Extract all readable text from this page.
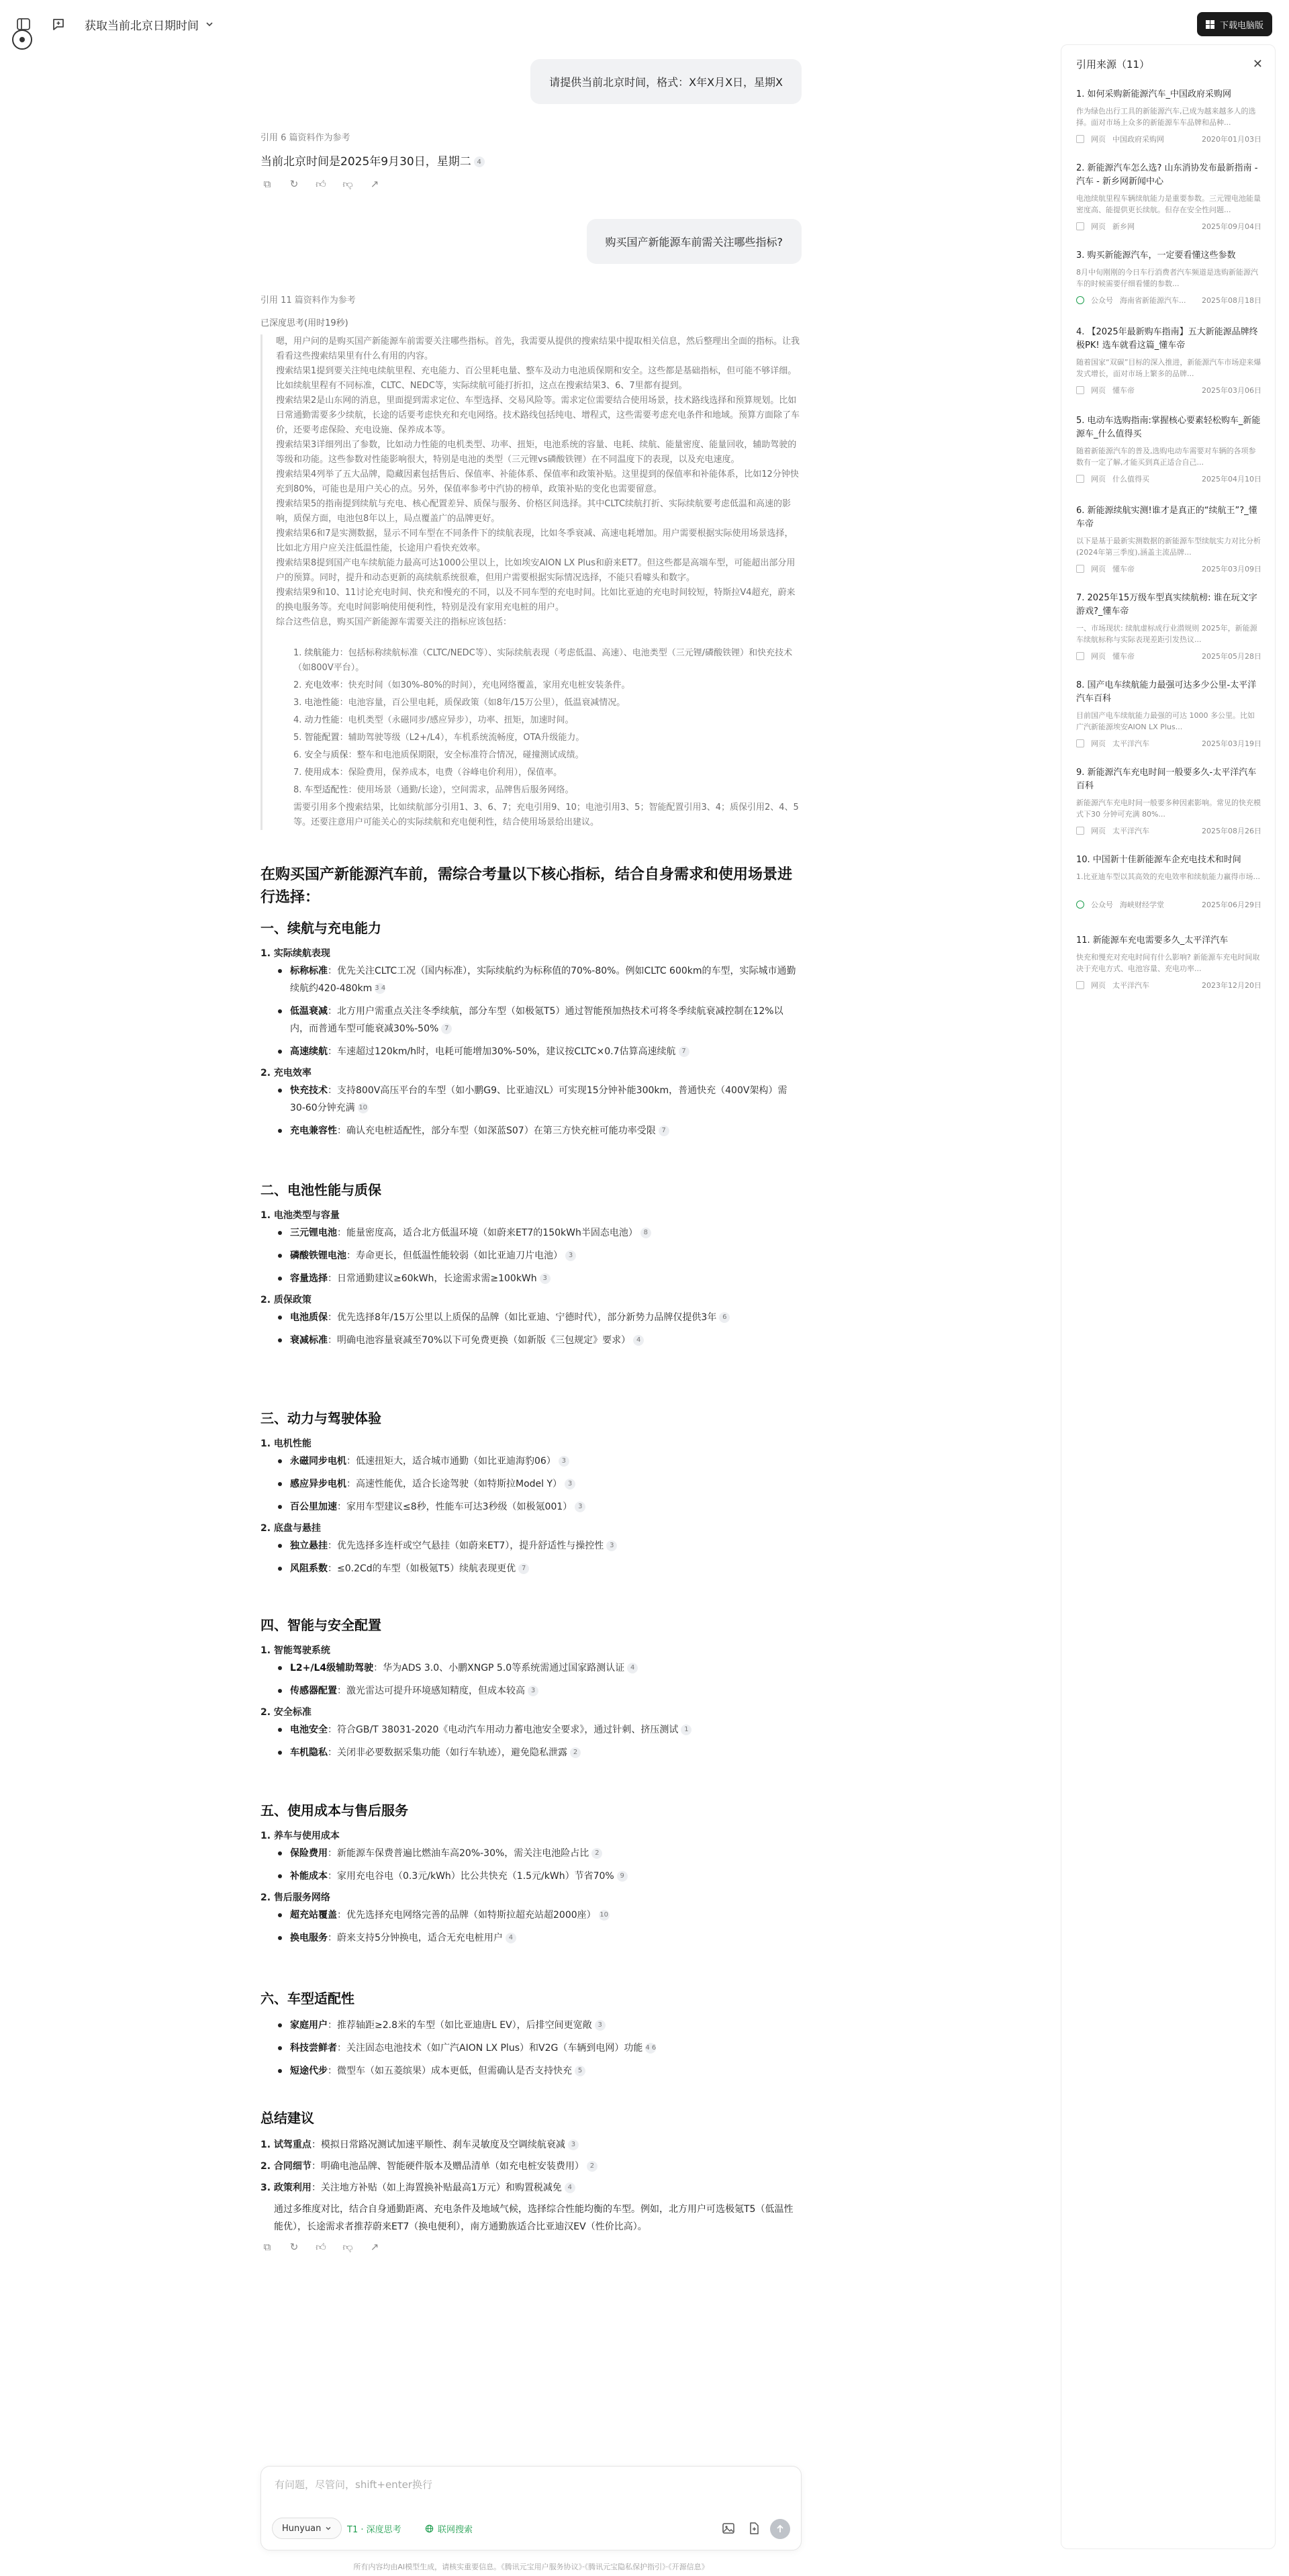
获取当前北京日期时间	下载电脑版
请提供当前北京时间，格式：X年X月X日，星期X
引用 6 篇资料作为参考
当前北京时间是2025年9月30日，星期二 4
⧉	↻ 👍︎ 👎︎ ↗
购买国产新能源车前需关注哪些指标?
引用 11 篇资料作为参考
已深度思考(用时19秒)

嗯，用户问的是购买国产新能源车前需要关注哪些指标。首先，我需要从提供的搜索结果中提取相关信息，然后整理出全面的指标。让我看看这些搜索结果里有什么有用的内容。

搜索结果1提到要关注纯电续航里程、充电能力、百公里耗电量、整车及动力电池质保期和安全。这些都是基础指标，但可能不够详细。比如续航里程有不同标准，CLTC、NEDC等，实际续航可能打折扣，这点在搜索结果3、6、7里都有提到。

搜索结果2是山东网的消息，里面提到需求定位、车型选择、交易风险等。需求定位需要结合使用场景，技术路线选择和预算规划。比如日常通勤需要多少续航，长途的话要考虑快充和充电网络。技术路线包括纯电、增程式，这些需要考虑充电条件和地域。预算方面除了车价，还要考虑保险、充电设施、保养成本等。

搜索结果3详细列出了参数，比如动力性能的电机类型、功率、扭矩，电池系统的容量、电耗、续航、能量密度、能量回收，辅助驾驶的等级和功能。这些参数对性能影响很大，特别是电池的类型（三元锂vs磷酸铁锂）在不同温度下的表现，以及充电速度。

搜索结果4列举了五大品牌，隐藏因素包括售后、保值率、补能体系、保值率和政策补贴。这里提到的保值率和补能体系，比如12分钟快充到80%，可能也是用户关心的点。另外，保值率参考中汽协的榜单，政策补贴的变化也需要留意。

搜索结果5的指南提到续航与充电、核心配置差异、质保与服务、价格区间选择。其中CLTC续航打折、实际续航要考虑低温和高速的影响，质保方面，电池包8年以上，局点覆盖广的品牌更好。

搜索结果6和7是实测数据，显示不同车型在不同条件下的续航表现，比如冬季衰减、高速电耗增加。用户需要根据实际使用场景选择，比如北方用户应关注低温性能，长途用户看快充效率。

搜索结果8提到国产电车续航能力最高可达1000公里以上，比如埃安AION LX Plus和蔚来ET7。但这些都是高端车型，可能超出部分用户的预算。同时，提升和动态更新的高续航系统很难，但用户需要根据实际情况选择，不能只看噱头和数字。

搜索结果9和10、11讨论充电时间、快充和慢充的不同，以及不同车型的充电时间。比如比亚迪的充电时间较短，特斯拉V4超充，蔚来的换电服务等。充电时间影响使用便利性，特别是没有家用充电桩的用户。

综合这些信息，购买国产新能源车需要关注的指标应该包括：

1. 续航能力：包括标称续航标准（CLTC/NEDC等）、实际续航表现（考虑低温、高速）、电池类型（三元锂/磷酸铁锂）和快充技术（如800V平台）。
2. 充电效率：快充时间（如30%-80%的时间），充电网络覆盖，家用充电桩安装条件。
3. 电池性能：电池容量，百公里电耗，质保政策（如8年/15万公里），低温衰减情况。
4. 动力性能：电机类型（永磁同步/感应异步），功率、扭矩，加速时间。
5. 智能配置：辅助驾驶等级（L2+/L4），车机系统流畅度，OTA升级能力。
6. 安全与质保：整车和电池质保期限，安全标准符合情况，碰撞测试成绩。
7. 使用成本：保险费用，保养成本，电费（谷峰电价利用），保值率。
8. 车型适配性：使用场景（通勤/长途），空间需求，品牌售后服务网络。

需要引用多个搜索结果，比如续航部分引用1、3、6、7；充电引用9、10；电池引用3、5；智能配置引用3、4；质保引用2、4、5等。还要注意用户可能关心的实际续航和充电便利性，结合使用场景给出建议。

在购买国产新能源汽车前，需综合考量以下核心指标，结合自身需求和使用场景进行选择：
一、续航与充电能力
1. 实际续航表现
标称标准：优先关注CLTC工况（国内标准），实际续航约为标称值的70%-80%。例如CLTC 600km的车型，实际城市通勤续航约420-480km 3 4
低温衰减：北方用户需重点关注冬季续航，部分车型（如极氪T5）通过智能预加热技术可将冬季续航衰减控制在12%以内，而普通车型可能衰减30%-50% 7
高速续航：车速超过120km/h时，电耗可能增加30%-50%，建议按CLTC×0.7估算高速续航 7
2. 充电效率
快充技术：支持800V高压平台的车型（如小鹏G9、比亚迪汉L）可实现15分钟补能300km，普通快充（400V架构）需30-60分钟充满 10
充电兼容性：确认充电桩适配性，部分车型（如深蓝S07）在第三方快充桩可能功率受限 7
二、电池性能与质保
1. 电池类型与容量
三元锂电池：能量密度高，适合北方低温环境（如蔚来ET7的150kWh半固态电池） 8
磷酸铁锂电池：寿命更长，但低温性能较弱（如比亚迪刀片电池） 3
容量选择：日常通勤建议≥60kWh，长途需求需≥100kWh 3
2. 质保政策
电池质保：优先选择8年/15万公里以上质保的品牌（如比亚迪、宁德时代），部分新势力品牌仅提供3年 6
衰减标准：明确电池容量衰减至70%以下可免费更换（如新版《三包规定》要求） 4
三、动力与驾驶体验
1. 电机性能
永磁同步电机：低速扭矩大，适合城市通勤（如比亚迪海豹06） 3
感应异步电机：高速性能优，适合长途驾驶（如特斯拉Model Y） 3
百公里加速：家用车型建议≤8秒，性能车可达3秒级（如极氪001） 3
2. 底盘与悬挂
独立悬挂：优先选择多连杆或空气悬挂（如蔚来ET7），提升舒适性与操控性 3
风阻系数：≤0.2Cd的车型（如极氪T5）续航表现更优 7
四、智能与安全配置
1. 智能驾驶系统
L2+/L4级辅助驾驶：华为ADS 3.0、小鹏XNGP 5.0等系统需通过国家路测认证 4
传感器配置：激光雷达可提升环境感知精度，但成本较高 3
2. 安全标准
电池安全：符合GB/T 38031-2020《电动汽车用动力蓄电池安全要求》，通过针刺、挤压测试 1
车机隐私：关闭非必要数据采集功能（如行车轨迹），避免隐私泄露 2
五、使用成本与售后服务
1. 养车与使用成本
保险费用：新能源车保费普遍比燃油车高20%-30%，需关注电池险占比 2
补能成本：家用充电谷电（0.3元/kWh）比公共快充（1.5元/kWh）节省70% 9
2. 售后服务网络
超充站覆盖：优先选择充电网络完善的品牌（如特斯拉超充站超2000座） 10
换电服务：蔚来支持5分钟换电，适合无充电桩用户 4
六、车型适配性
家庭用户：推荐轴距≥2.8米的车型（如比亚迪唐L EV），后排空间更宽敞 3
科技尝鲜者：关注固态电池技术（如广汽AION LX Plus）和V2G（车辆到电网）功能 4 6
短途代步：微型车（如五菱缤果）成本更低，但需确认是否支持快充 5
总结建议
1. 试驾重点：模拟日常路况测试加速平顺性、刹车灵敏度及空调续航衰减 3
2. 合同细节：明确电池品牌、智能硬件版本及赠品清单（如充电桩安装费用） 2
3. 政策利用：关注地方补贴（如上海置换补贴最高1万元）和购置税减免 4
通过多维度对比，结合自身通勤距离、充电条件及地域气候，选择综合性能均衡的车型。例如，北方用户可选极氪T5（低温性能优），长途需求者推荐蔚来ET7（换电便利），南方通勤族适合比亚迪汉EV（性价比高）。
⧉	↻ 👍︎ 👎︎ ↗
有问题，尽管问，shift+enter换行
Hunyuan	T1 · 深度思考	联网搜索
所有内容均由AI模型生成，请核实重要信息。《腾讯元宝用户服务协议》·《腾讯元宝隐私保护指引》·《开源信息》
引用来源（11）	✕
1. 如何采购新能源汽车_中国政府采购网
作为绿色出行工具的新能源汽车,已成为越来越多人的选择。面对市场上众多的新能源车车品牌和品种...
网页 中国政府采购网	2020年01月03日
2. 新能源汽车怎么选? 山东消协发布最新指南 - 汽车 - 新乡网新闻中心
电池续航里程车辆续航能力是重要参数。三元锂电池能量密度高、能提供更长续航。但存在安全性问题...
网页 新乡网	2025年09月04日
3. 购买新能源汽车，一定要看懂这些参数
8月中旬刚刚的今日车行消费者汽车频道是选购新能源汽车的时候需要仔细看懂的参数...
公众号 海南省新能源汽车... 2025年08月18日
4. 【2025年最新购车指南】五大新能源品牌终极PK! 选车就看这篇_懂车帝
随着国家“双碳”目标的深入推进，新能源汽车市场迎来爆发式增长，面对市场上繁多的品牌...
网页 懂车帝	2025年03月06日
5. 电动车选购指南:掌握核心要素轻松购车_新能源车_什么值得买
随着新能源汽车的普及,选购电动车需要对车辆的各项参数有一定了解,才能买到真正适合自己...
网页 什么值得买	2025年04月10日
6. 新能源续航实测!谁才是真正的“续航王”?_懂车帝
以下是基于最新实测数据的新能源车型续航实力对比分析(2024年第三季度),涵盖主流品牌...
网页 懂车帝	2025年03月09日
7. 2025年15万级车型真实续航榜: 谁在玩文字游戏?_懂车帝
一、市场现状: 续航虚标成行业潜规则 2025年，新能源车续航标称与实际表现差距引发热议...
网页 懂车帝	2025年05月28日
8. 国产电车续航能力最强可达多少公里-太平洋汽车百科
目前国产电车续航能力最强的可达 1000 多公里。比如广汽新能源埃安AION LX Plus...
网页 太平洋汽车	2025年03月19日
9. 新能源汽车充电时间一般要多久-太平洋汽车百科
新能源汽车充电时间一般要多种因素影响。常见的快充模式下30 分钟可充满 80%...
网页 太平洋汽车	2025年08月26日
10. 中国新十佳新能源车企充电技术和时间
1.比亚迪车型以其高效的充电效率和续航能力赢得市场...
公众号 海峡财经学堂	2025年06月29日
11. 新能源车充电需要多久_太平洋汽车
快充和慢充对充电时间有什么影响? 新能源车充电时间取决于充电方式、电池容量、充电功率...
网页 太平洋汽车	2023年12月20日
